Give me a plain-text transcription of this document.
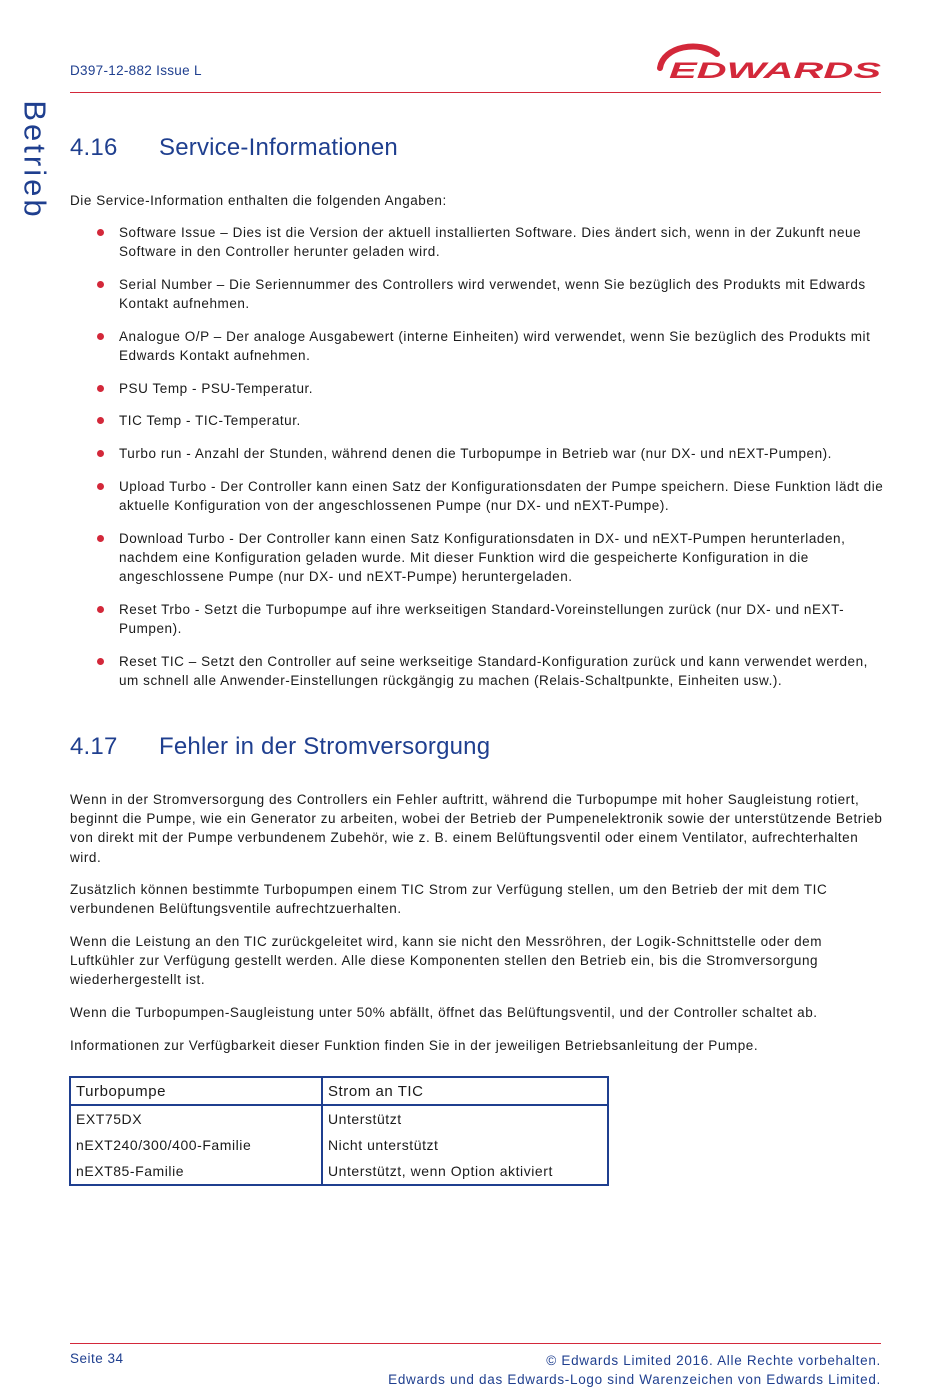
D397-12-882 Issue L	EDWARDS
Betrieb 4.16	Service-Informationen
Die Service-Information enthalten die folgenden Angaben:
Software Issue – Dies ist die Version der aktuell installierten Software. Dies ändert sich, wenn in der Zukunft neue Software in den Controller herunter geladen wird.
Serial Number – Die Seriennummer des Controllers wird verwendet, wenn Sie bezüglich des Produkts mit Edwards Kontakt aufnehmen.
Analogue O/P – Der analoge Ausgabewert (interne Einheiten) wird verwendet, wenn Sie bezüglich des Produkts mit Edwards Kontakt aufnehmen.
PSU Temp - PSU-Temperatur.
TIC Temp - TIC-Temperatur.
Turbo run - Anzahl der Stunden, während denen die Turbopumpe in Betrieb war (nur DX- und nEXT-Pumpen).
Upload Turbo - Der Controller kann einen Satz der Konfigurationsdaten der Pumpe speichern. Diese Funktion lädt die aktuelle Konfiguration von der angeschlossenen Pumpe (nur DX- und nEXT-Pumpe).
Download Turbo - Der Controller kann einen Satz Konfigurationsdaten in DX- und nEXT-Pumpen herunterladen, nachdem eine Konfiguration geladen wurde. Mit dieser Funktion wird die gespeicherte Konfiguration in die angeschlossene Pumpe (nur DX- und nEXT-Pumpe) heruntergeladen.
Reset Trbo - Setzt die Turbopumpe auf ihre werkseitigen Standard-Voreinstellungen zurück (nur DX- und nEXT-Pumpen).
Reset TIC – Setzt den Controller auf seine werkseitige Standard-Konfiguration zurück und kann verwendet werden, um schnell alle Anwender-Einstellungen rückgängig zu machen (Relais-Schaltpunkte, Einheiten usw.).
4.17	Fehler in der Stromversorgung
Wenn in der Stromversorgung des Controllers ein Fehler auftritt, während die Turbopumpe mit hoher Saugleistung rotiert, beginnt die Pumpe, wie ein Generator zu arbeiten, wobei der Betrieb der Pumpenelektronik sowie der unterstützende Betrieb von direkt mit der Pumpe verbundenem Zubehör, wie z. B. einem Belüftungsventil oder einem Ventilator, aufrechterhalten wird.
Zusätzlich können bestimmte Turbopumpen einem TIC Strom zur Verfügung stellen, um den Betrieb der mit dem TIC verbundenen Belüftungsventile aufrechtzuerhalten.
Wenn die Leistung an den TIC zurückgeleitet wird, kann sie nicht den Messröhren, der Logik-Schnittstelle oder dem Luftkühler zur Verfügung gestellt werden. Alle diese Komponenten stellen den Betrieb ein, bis die Stromversorgung wiederhergestellt ist.
Wenn die Turbopumpen-Saugleistung unter 50% abfällt, öffnet das Belüftungsventil, und der Controller schaltet ab.
Informationen zur Verfügbarkeit dieser Funktion finden Sie in der jeweiligen Betriebsanleitung der Pumpe.
Turbopumpe	Strom an TIC
EXT75DX	Unterstützt
nEXT240/300/400-Familie	Nicht unterstützt
nEXT85-Familie	Unterstützt, wenn Option aktiviert
Seite 34	© Edwards Limited 2016. Alle Rechte vorbehalten.
Edwards und das Edwards-Logo sind Warenzeichen von Edwards Limited.
